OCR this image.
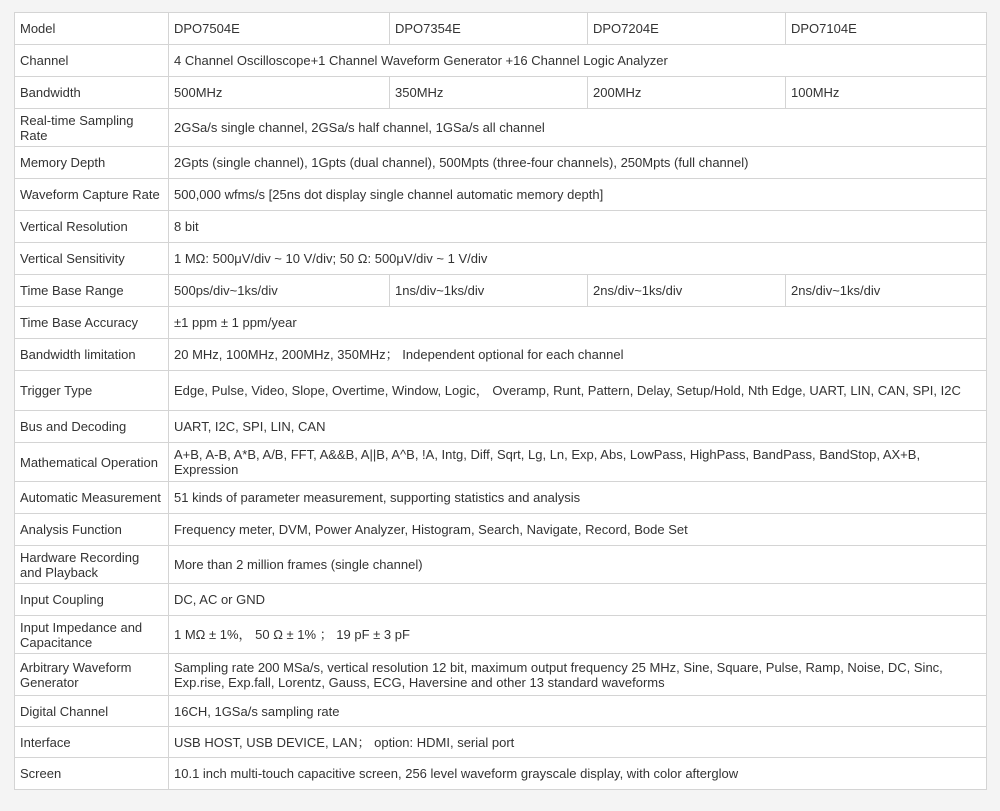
Model	DPO7504E	DPO7354E	DPO7204E	DPO7104E
Channel	4 Channel Oscilloscope+1 Channel Waveform Generator +16 Channel Logic Analyzer			
Bandwidth	500MHz	350MHz	200MHz	100MHz
Real-time Sampling Rate	2GSa/s single channel, 2GSa/s half channel, 1GSa/s all channel			
Memory Depth	2Gpts (single channel), 1Gpts (dual channel), 500Mpts (three-four channels), 250Mpts (full channel)			
Waveform Capture Rate	500,000 wfms/s [25ns dot display single channel automatic memory depth]			
Vertical Resolution	8 bit			
Vertical Sensitivity	1 MΩ: 500μV/div ~ 10 V/div; 50 Ω: 500μV/div ~ 1 V/div			
Time Base Range	500ps/div~1ks/div	1ns/div~1ks/div	2ns/div~1ks/div	2ns/div~1ks/div
Time Base Accuracy	±1 ppm ± 1 ppm/year			
Bandwidth limitation	20 MHz, 100MHz, 200MHz, 350MHz； Independent optional for each channel			
Trigger Type	Edge, Pulse, Video, Slope, Overtime, Window, Logic， Overamp, Runt, Pattern, Delay, Setup/Hold, Nth Edge, UART, LIN, CAN, SPI, I2C			
Bus and Decoding	UART, I2C, SPI, LIN, CAN			
Mathematical Operation	A+B, A-B, A*B, A/B, FFT, A&&B, A||B, A^B, !A, Intg, Diff, Sqrt, Lg, Ln, Exp, Abs, LowPass, HighPass, BandPass, BandStop, AX+B, Expression			
Automatic Measurement	51 kinds of parameter measurement, supporting statistics and analysis			
Analysis Function	Frequency meter, DVM, Power Analyzer, Histogram, Search, Navigate, Record, Bode Set			
Hardware Recording and Playback	More than 2 million frames (single channel)			
Input Coupling	DC, AC or GND			
Input Impedance and Capacitance	1 MΩ ± 1%， 50 Ω ± 1% ； 19 pF ± 3 pF			
Arbitrary Waveform Generator	Sampling rate 200 MSa/s, vertical resolution 12 bit, maximum output frequency 25 MHz, Sine, Square, Pulse, Ramp, Noise, DC, Sinc, Exp.rise, Exp.fall, Lorentz, Gauss, ECG, Haversine and other 13 standard waveforms			
Digital Channel	16CH, 1GSa/s sampling rate			
Interface	USB HOST, USB DEVICE, LAN； option: HDMI, serial port			
Screen	10.1 inch multi-touch capacitive screen, 256 level waveform grayscale display, with color afterglow			
